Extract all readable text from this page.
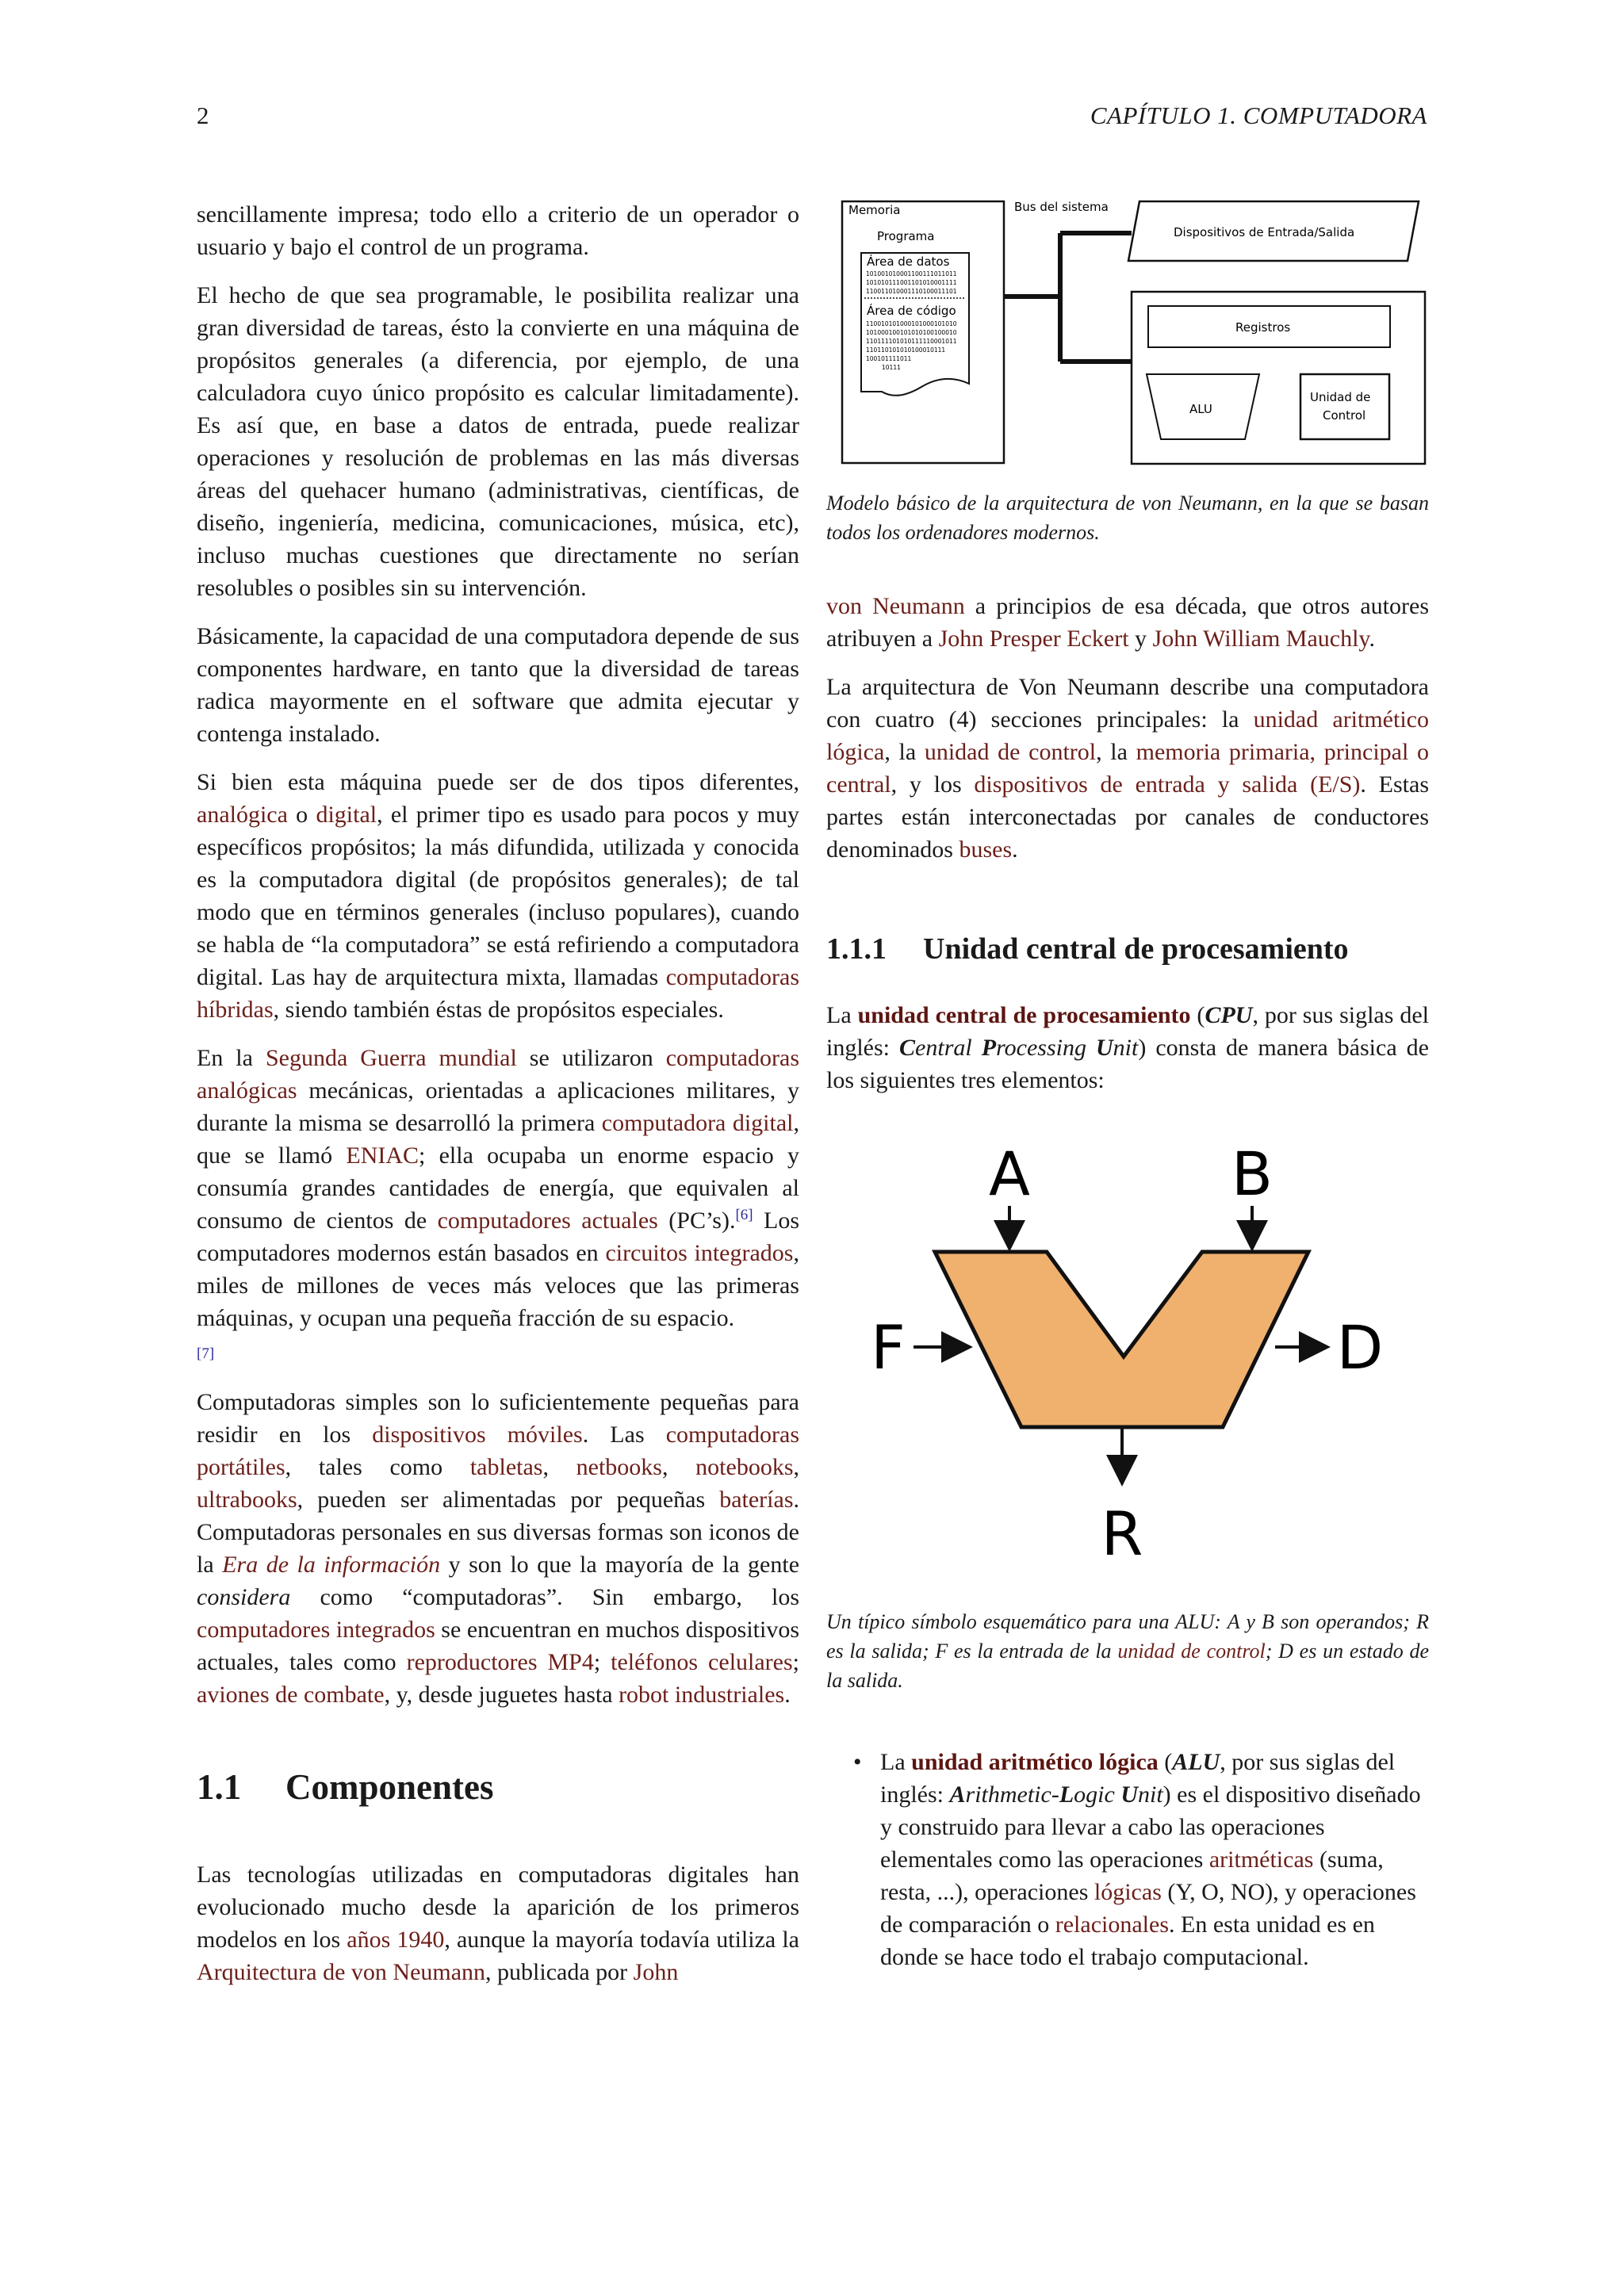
2	CAPÍTULO 1. COMPUTADORA

sencillamente impresa; todo ello a criterio de un operador o usuario y bajo el control de un programa.

El hecho de que sea programable, le posibilita realizar una gran diversidad de tareas, ésto la convierte en una máquina de propósitos generales (a diferencia, por ejemplo, de una calculadora cuyo único propósito es calcular limitadamente). Es así que, en base a datos de entrada, puede realizar operaciones y resolución de problemas en las más diversas áreas del quehacer humano (administrativas, científicas, de diseño, ingeniería, medicina, comunicaciones, música, etc), incluso muchas cuestiones que directamente no serían resolubles o posibles sin su intervención.

Básicamente, la capacidad de una computadora depende de sus componentes hardware, en tanto que la diversidad de tareas radica mayormente en el software que admita ejecutar y contenga instalado.

Si bien esta máquina puede ser de dos tipos diferentes, analógica o digital, el primer tipo es usado para pocos y muy específicos propósitos; la más difundida, utilizada y conocida es la computadora digital (de propósitos generales); de tal modo que en términos generales (incluso populares), cuando se habla de “la computadora” se está refiriendo a computadora digital. Las hay de arquitectura mixta, llamadas computadoras híbridas, siendo también éstas de propósitos especiales.

En la Segunda Guerra mundial se utilizaron computadoras analógicas mecánicas, orientadas a aplicaciones militares, y durante la misma se desarrolló la primera computadora digital, que se llamó ENIAC; ella ocupaba un enorme espacio y consumía grandes cantidades de energía, que equivalen al consumo de cientos de computadores actuales (PC’s).[6] Los computadores modernos están basados en circuitos integrados, miles de millones de veces más veloces que las primeras máquinas, y ocupan una pequeña fracción de su espacio.
[7]

Computadoras simples son lo suficientemente pequeñas para residir en los dispositivos móviles. Las computadoras portátiles, tales como tabletas, netbooks, notebooks, ultrabooks, pueden ser alimentadas por pequeñas baterías. Computadoras personales en sus diversas formas son iconos de la Era de la información y son lo que la mayoría de la gente considera como “computadoras”. Sin embargo, los computadores integrados se encuentran en muchos dispositivos actuales, tales como reproductores MP4; teléfonos celulares; aviones de combate, y, desde juguetes hasta robot industriales.

1.1 Componentes

Las tecnologías utilizadas en computadoras digitales han evolucionado mucho desde la aparición de los primeros modelos en los años 1940, aunque la mayoría todavía utiliza la Arquitectura de von Neumann, publicada por John

Memoria
Programa
Área de datos
101001010001100111011011
101010111001101010001111
110011010001110100011101
Área de código
110010101000101000101010
101000100101010100100010
110111101010111110001011
110110101010100010111
100101111011
10111
Bus del sistema
Dispositivos de Entrada/Salida
Registros
ALU
Unidad de
Control
Modelo básico de la arquitectura de von Neumann, en la que se basan todos los ordenadores modernos.

von Neumann a principios de esa década, que otros autores atribuyen a John Presper Eckert y John William Mauchly.

La arquitectura de Von Neumann describe una computadora con cuatro (4) secciones principales: la unidad aritmético lógica, la unidad de control, la memoria primaria, principal o central, y los dispositivos de entrada y salida (E/S). Estas partes están interconectadas por canales de conductores denominados buses.

1.1.1 Unidad central de procesamiento

La unidad central de procesamiento (CPU, por sus siglas del inglés: Central Processing Unit) consta de manera básica de los siguientes tres elementos:

A	B
F	D
R
Un típico símbolo esquemático para una ALU: A y B son operandos; R es la salida; F es la entrada de la unidad de control; D es un estado de la salida.
• La unidad aritmético lógica (ALU, por sus siglas del inglés: Arithmetic-Logic Unit) es el dispositivo diseñado y construido para llevar a cabo las operaciones elementales como las operaciones aritméticas (suma, resta, ...), operaciones lógicas (Y, O, NO), y operaciones de comparación o relacionales. En esta unidad es en donde se hace todo el trabajo computacional.
